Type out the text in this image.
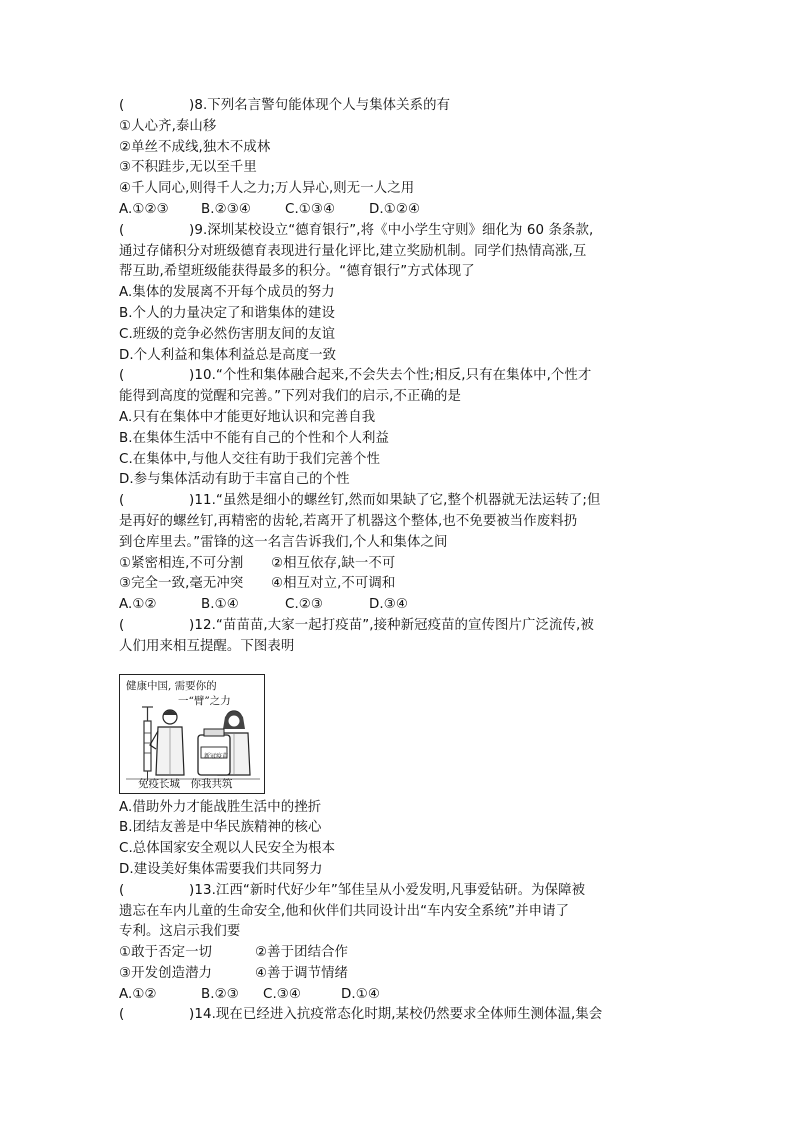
(	)8.下列名言警句能体现个人与集体关系的有
①人心齐,泰山移
②单丝不成线,独木不成林
③不积跬步,无以至千里
④千人同心,则得千人之力;万人异心,则无一人之用
A.①②③ B.②③④	C.①③④	D.①②④
(	)9.深圳某校设立“德育银行”,将《中小学生守则》细化为 60 条条款,
通过存储积分对班级德育表现进行量化评比,建立奖励机制。同学们热情高涨,互
帮互助,希望班级能获得最多的积分。“德育银行”方式体现了
A.集体的发展离不开每个成员的努力
B.个人的力量决定了和谐集体的建设
C.班级的竞争必然伤害朋友间的友谊
D.个人利益和集体利益总是高度一致
(	)10.“个性和集体融合起来,不会失去个性;相反,只有在集体中,个性才
能得到高度的觉醒和完善。”下列对我们的启示,不正确的是
A.只有在集体中才能更好地认识和完善自我
B.在集体生活中不能有自己的个性和个人利益
C.在集体中,与他人交往有助于我们完善个性
D.参与集体活动有助于丰富自己的个性
(	)11.“虽然是细小的螺丝钉,然而如果缺了它,整个机器就无法运转了;但
是再好的螺丝钉,再精密的齿轮,若离开了机器这个整体,也不免要被当作废料扔
到仓库里去。”雷锋的这一名言告诉我们,个人和集体之间
①紧密相连,不可分割 ②相互依存,缺一不可
③完全一致,毫无冲突 ④相互对立,不可调和
A.①②	B.①④	C.②③	D.③④
(	)12.“苗苗苗,大家一起打疫苗”,接种新冠疫苗的宣传图片广泛流传,被
人们用来相互提醒。下图表明
健康中国, 需要你的
一“臂”之力
新冠疫苗
免疫长城　你我共筑
A.借助外力才能战胜生活中的挫折
B.团结友善是中华民族精神的核心
C.总体国家安全观以人民安全为根本
D.建设美好集体需要我们共同努力
(	)13.江西“新时代好少年”邹佳呈从小爱发明,凡事爱钻研。为保障被
遗忘在车内儿童的生命安全,他和伙伴们共同设计出“车内安全系统”并申请了
专利。这启示我们要
①敢于否定一切	②善于团结合作
③开发创造潜力	④善于调节情绪
A.①②	B.②③ C.③④	D.①④
(	)14.现在已经进入抗疫常态化时期,某校仍然要求全体师生测体温,集会
